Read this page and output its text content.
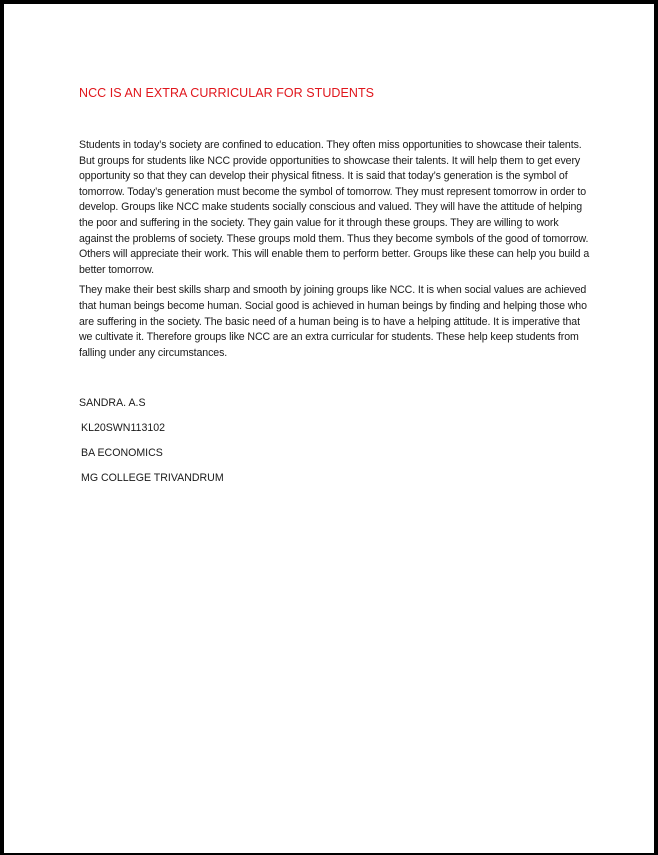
NCC IS AN EXTRA CURRICULAR FOR STUDENTS

Students in today’s society are confined to education. They often miss opportunities to showcase their talents. But groups for students like NCC provide opportunities to showcase their talents. It will help them to get every opportunity so that they can develop their physical fitness. It is said that today’s generation is the symbol of tomorrow. Today’s generation must become the symbol of tomorrow. They must represent tomorrow in order to develop. Groups like NCC make students socially conscious and valued. They will have the attitude of helping the poor and suffering in the society. They gain value for it through these groups. They are willing to work against the problems of society. These groups mold them. Thus they become symbols of the good of tomorrow. Others will appreciate their work. This will enable them to perform better. Groups like these can help you build a better tomorrow.

They make their best skills sharp and smooth by joining groups like NCC. It is when social values are achieved that human beings become human. Social good is achieved in human beings by finding and helping those who are suffering in the society. The basic need of a human being is to have a helping attitude. It is imperative that we cultivate it. Therefore groups like NCC are an extra curricular for students. These help keep students from falling under any circumstances.

SANDRA. A.S
KL20SWN113102
BA ECONOMICS
MG COLLEGE TRIVANDRUM
